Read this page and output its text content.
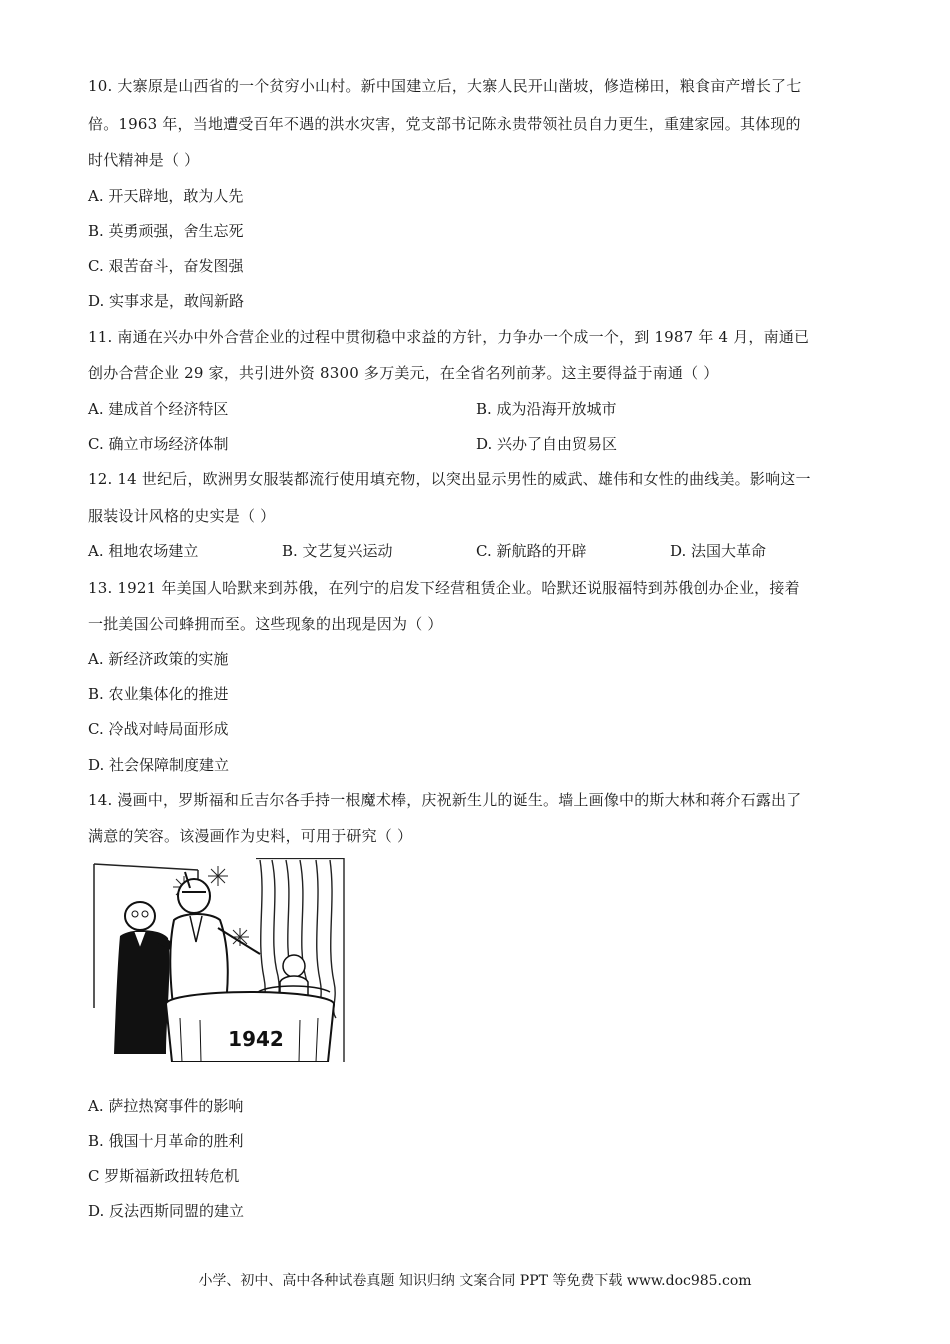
10. 大寨原是山西省的一个贫穷小山村。新中国建立后，大寨人民开山凿坡，修造梯田，粮食亩产增长了七
倍。1963 年，当地遭受百年不遇的洪水灾害，党支部书记陈永贵带领社员自力更生，重建家园。其体现的
时代精神是（ ）
A. 开天辟地，敢为人先
B. 英勇顽强，舍生忘死
C. 艰苦奋斗，奋发图强
D. 实事求是，敢闯新路
11. 南通在兴办中外合营企业的过程中贯彻稳中求益的方针，力争办一个成一个，到 1987 年 4 月，南通已
创办合营企业 29 家，共引进外资 8300 多万美元，在全省名列前茅。这主要得益于南通（ ）
A. 建成首个经济特区	B. 成为沿海开放城市
C. 确立市场经济体制	D. 兴办了自由贸易区
12. 14 世纪后，欧洲男女服装都流行使用填充物，以突出显示男性的威武、雄伟和女性的曲线美。影响这一
服装设计风格的史实是（ ）
A. 租地农场建立	B. 文艺复兴运动	C. 新航路的开辟	D. 法国大革命
13. 1921 年美国人哈默来到苏俄，在列宁的启发下经营租赁企业。哈默还说服福特到苏俄创办企业，接着
一批美国公司蜂拥而至。这些现象的出现是因为（ ）
A. 新经济政策的实施
B. 农业集体化的推进
C. 冷战对峙局面形成
D. 社会保障制度建立
14. 漫画中，罗斯福和丘吉尔各手持一根魔术棒，庆祝新生儿的诞生。墙上画像中的斯大林和蒋介石露出了
满意的笑容。该漫画作为史料，可用于研究（ ）
1942
A. 萨拉热窝事件的影响
B. 俄国十月革命的胜利
C 罗斯福新政扭转危机
D. 反法西斯同盟的建立
小学、初中、高中各种试卷真题 知识归纳 文案合同 PPT 等免费下载 www.doc985.com
